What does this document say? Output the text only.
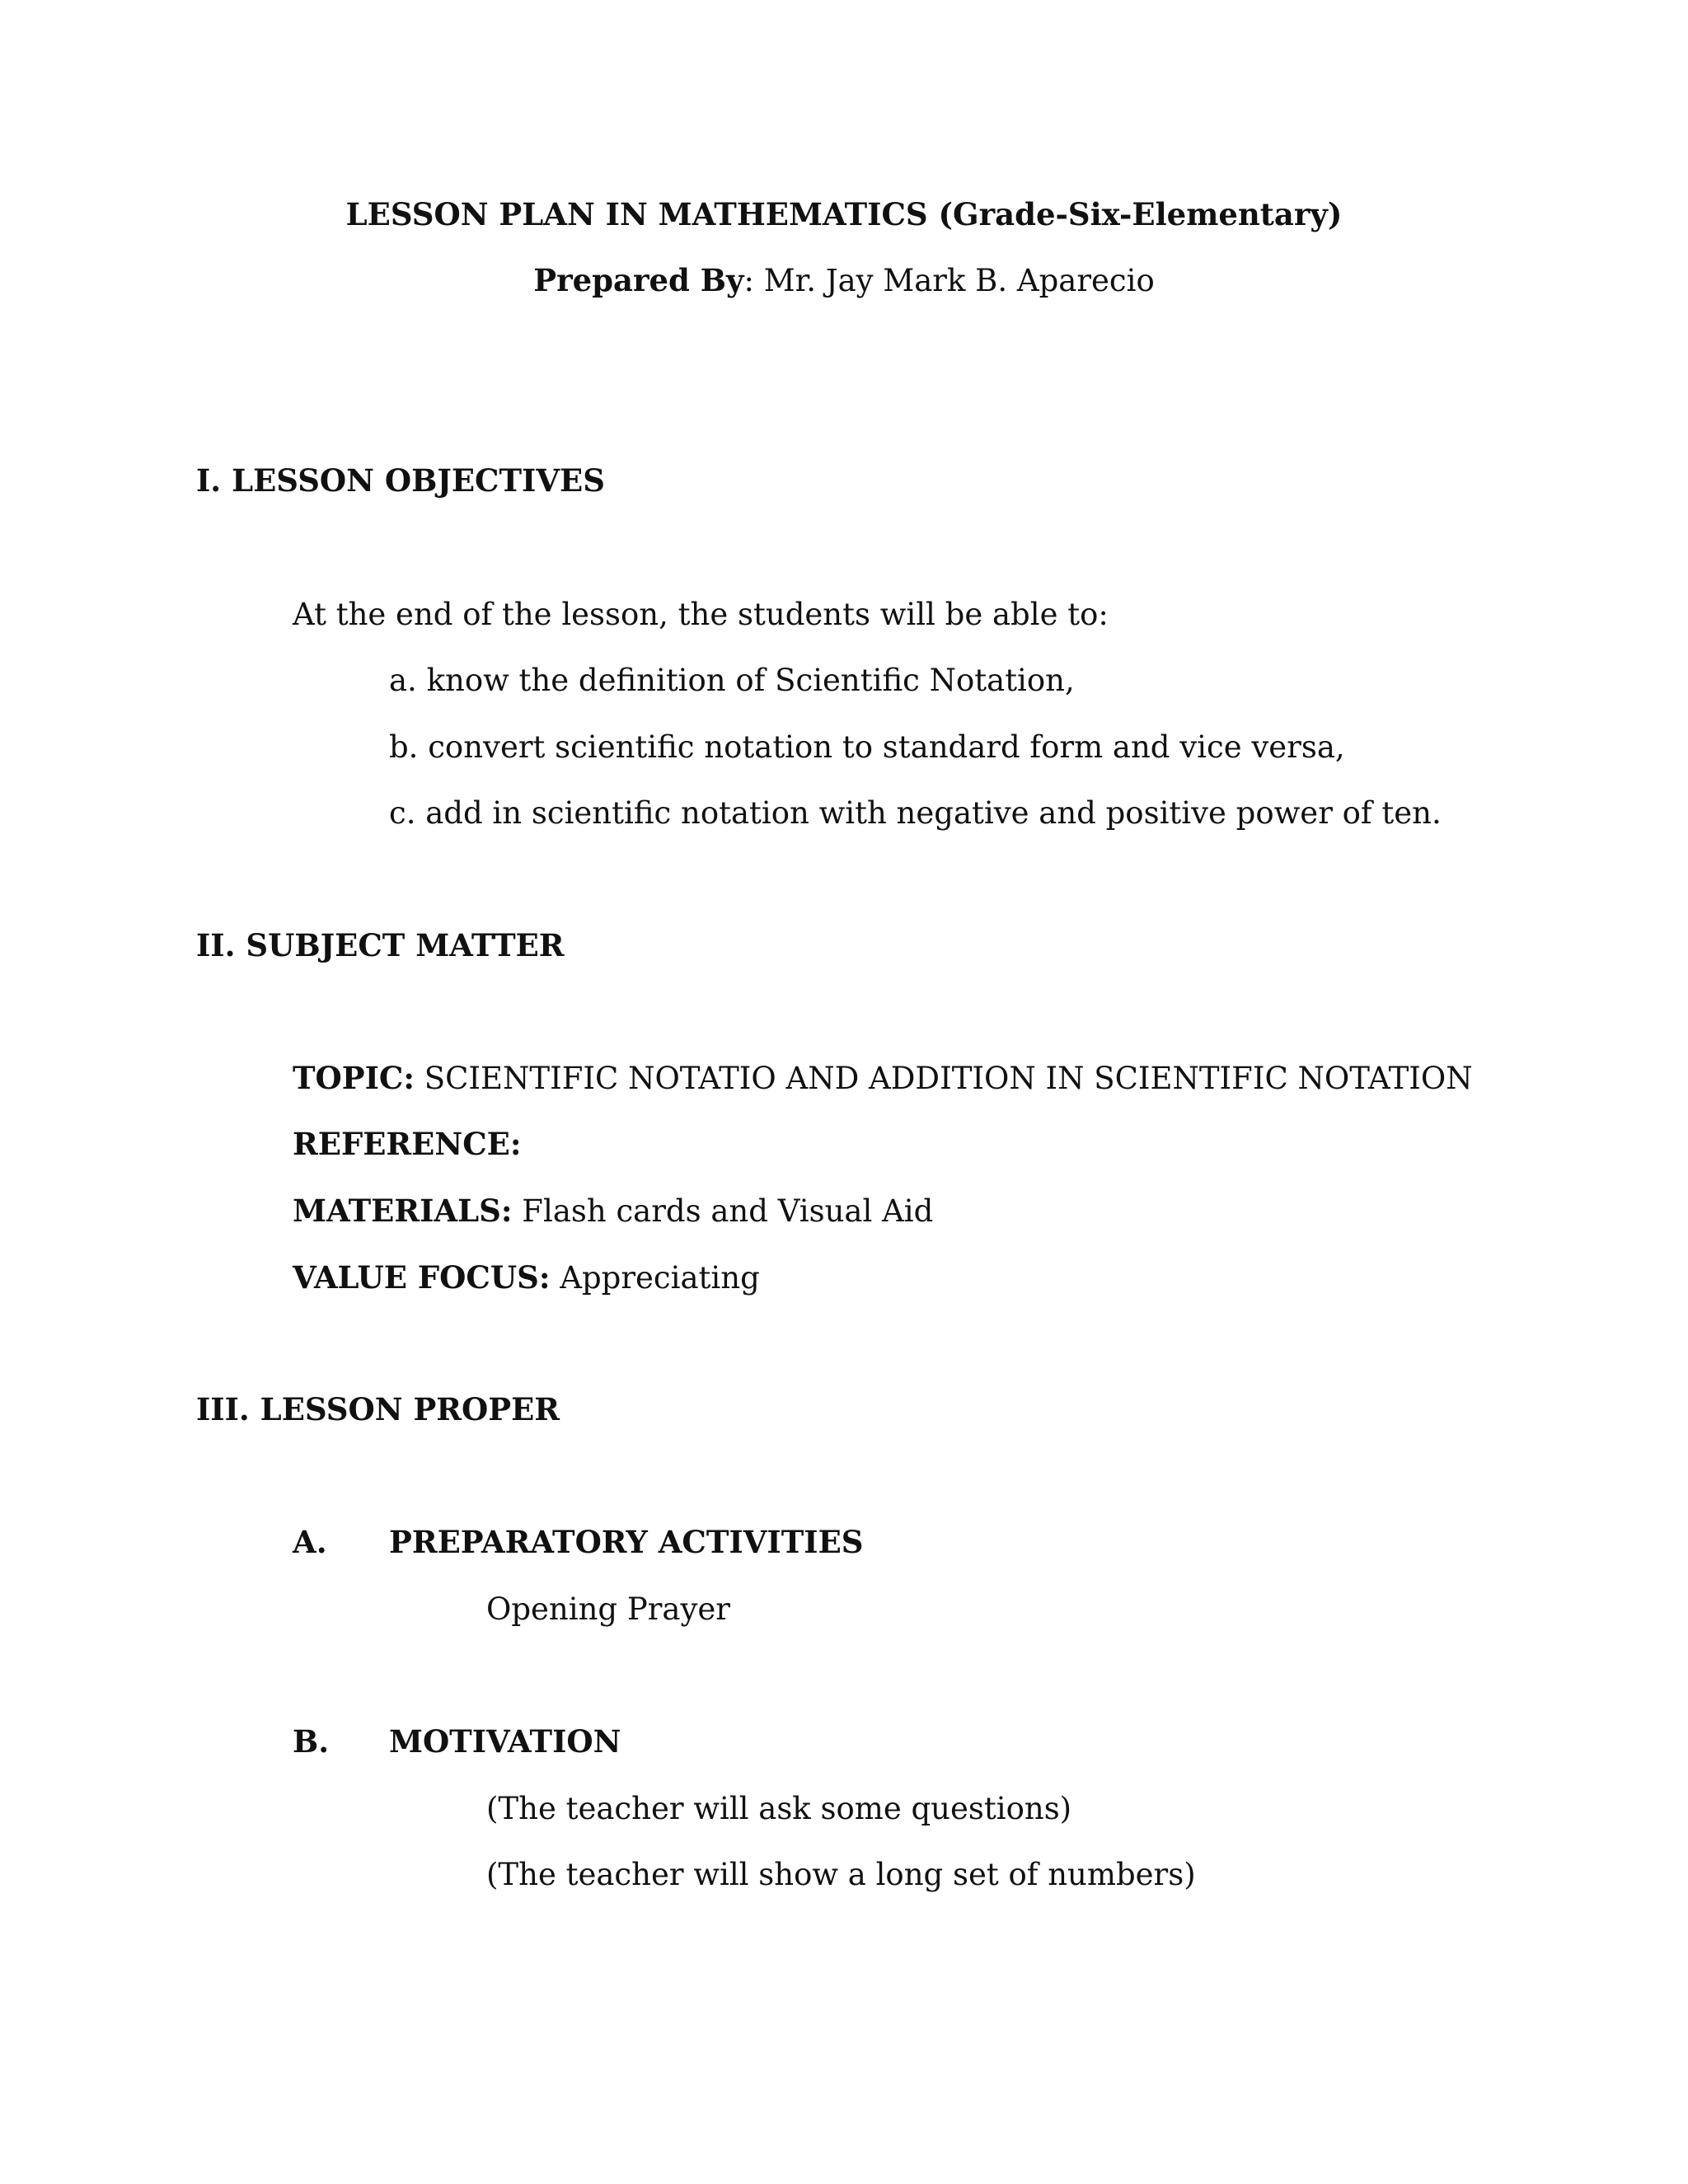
LESSON PLAN IN MATHEMATICS (Grade-Six-Elementary)
Prepared By: Mr. Jay Mark B. Aparecio
I. LESSON OBJECTIVES
At the end of the lesson, the students will be able to:
a. know the definition of Scientific Notation,
b. convert scientific notation to standard form and vice versa,
c. add in scientific notation with negative and positive power of ten.
II. SUBJECT MATTER
TOPIC: SCIENTIFIC NOTATIO AND ADDITION IN SCIENTIFIC NOTATION
REFERENCE:
MATERIALS: Flash cards and Visual Aid
VALUE FOCUS: Appreciating
III. LESSON PROPER
A. PREPARATORY ACTIVITIES
Opening Prayer
B. MOTIVATION
(The teacher will ask some questions)
(The teacher will show a long set of numbers)
